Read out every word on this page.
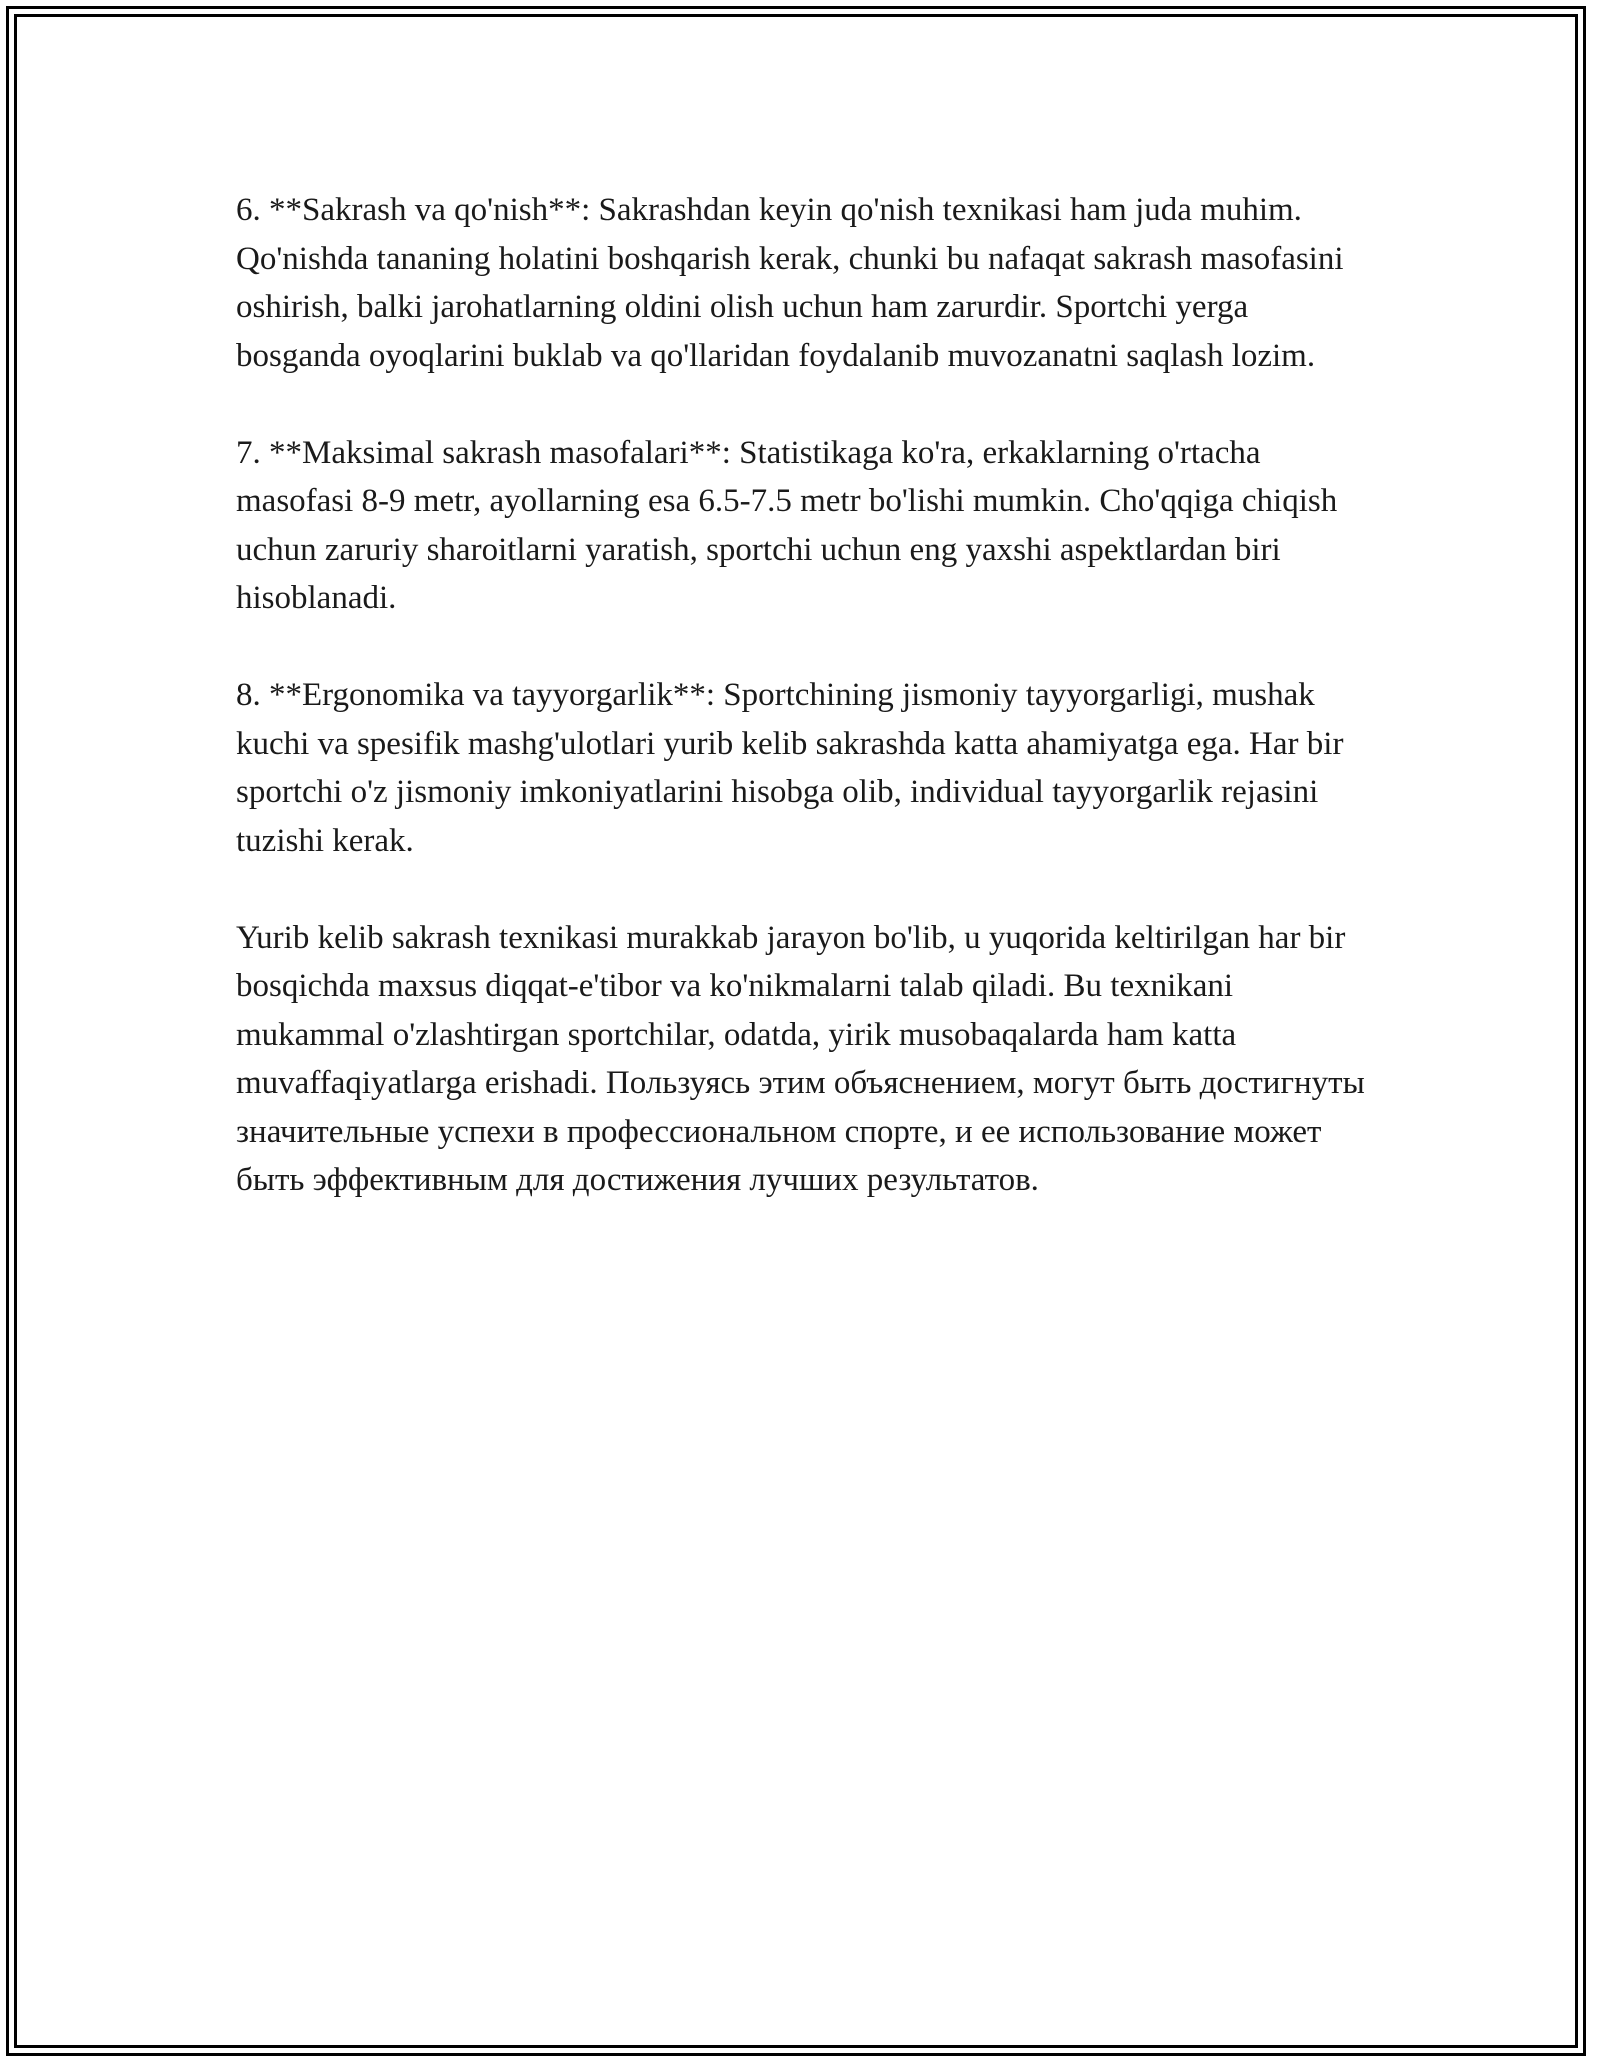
6. **Sakrash va qo'nish**: Sakrashdan keyin qo'nish texnikasi ham juda muhim. Qo'nishda tananing holatini boshqarish kerak, chunki bu nafaqat sakrash masofasini oshirish, balki jarohatlarning oldini olish uchun ham zarurdir. Sportchi yerga bosganda oyoqlarini buklab va qo'llaridan foydalanib muvozanatni saqlash lozim.

7. **Maksimal sakrash masofalari**: Statistikaga ko'ra, erkaklarning o'rtacha masofasi 8-9 metr, ayollarning esa 6.5-7.5 metr bo'lishi mumkin. Cho'qqiga chiqish uchun zaruriy sharoitlarni yaratish, sportchi uchun eng yaxshi aspektlardan biri hisoblanadi.

8. **Ergonomika va tayyorgarlik**: Sportchining jismoniy tayyorgarligi, mushak kuchi va spesifik mashg'ulotlari yurib kelib sakrashda katta ahamiyatga ega. Har bir sportchi o'z jismoniy imkoniyatlarini hisobga olib, individual tayyorgarlik rejasini tuzishi kerak.

Yurib kelib sakrash texnikasi murakkab jarayon bo'lib, u yuqorida keltirilgan har bir bosqichda maxsus diqqat-e'tibor va ko'nikmalarni talab qiladi. Bu texnikani mukammal o'zlashtirgan sportchilar, odatda, yirik musobaqalarda ham katta muvaffaqiyatlarga erishadi. Пользуясь этим объяснением, могут быть достигнуты значительные успехи в профессиональном спорте, и ее использование может быть эффективным для достижения лучших результатов.
